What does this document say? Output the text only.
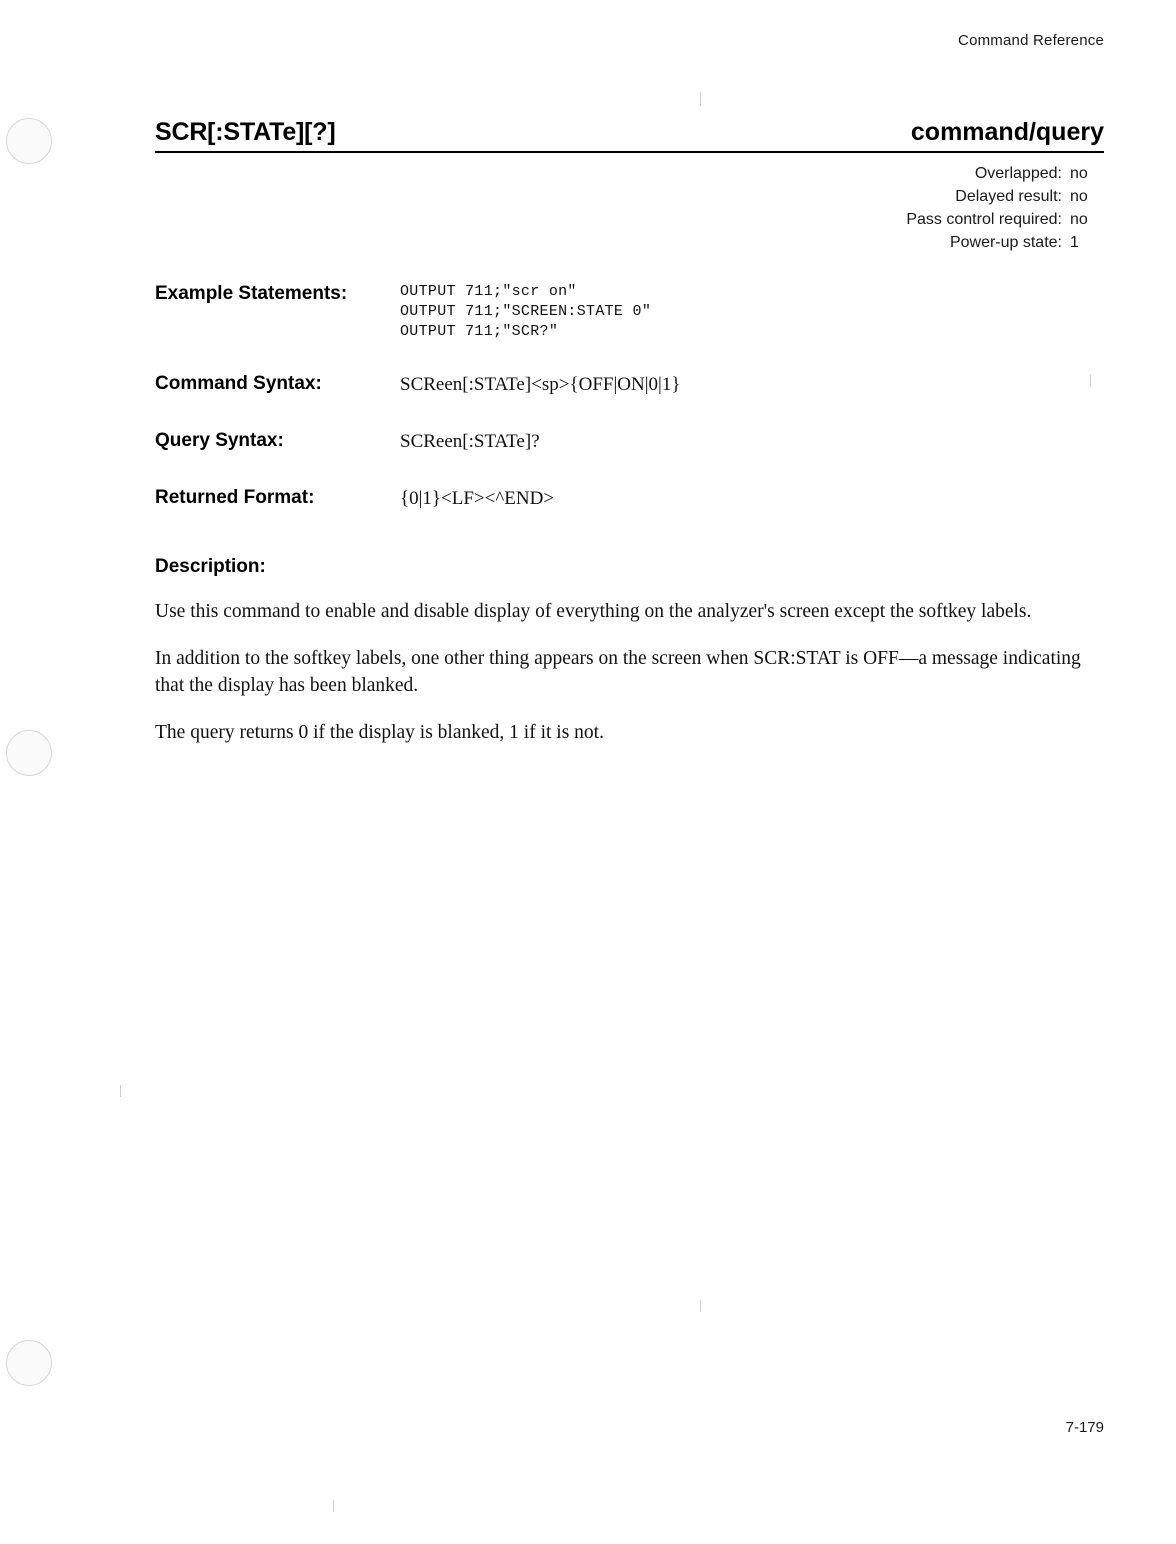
Command Reference
SCR[:STATe][?]	command/query
Overlapped: no
Delayed result: no
Pass control required: no
Power-up state: 1
Example Statements:	OUTPUT 711;"scr on"
OUTPUT 711;"SCREEN:STATE 0"
OUTPUT 711;"SCR?"
Command Syntax:	SCReen[:STATe]<sp>{OFF|ON|0|1}
Query Syntax:	SCReen[:STATe]?
Returned Format:	{0|1}<LF><^END>
Description:

Use this command to enable and disable display of everything on the analyzer's screen except the softkey labels.

In addition to the softkey labels, one other thing appears on the screen when SCR:STAT is OFF—a message indicating that the display has been blanked.

The query returns 0 if the display is blanked, 1 if it is not.

7-179
